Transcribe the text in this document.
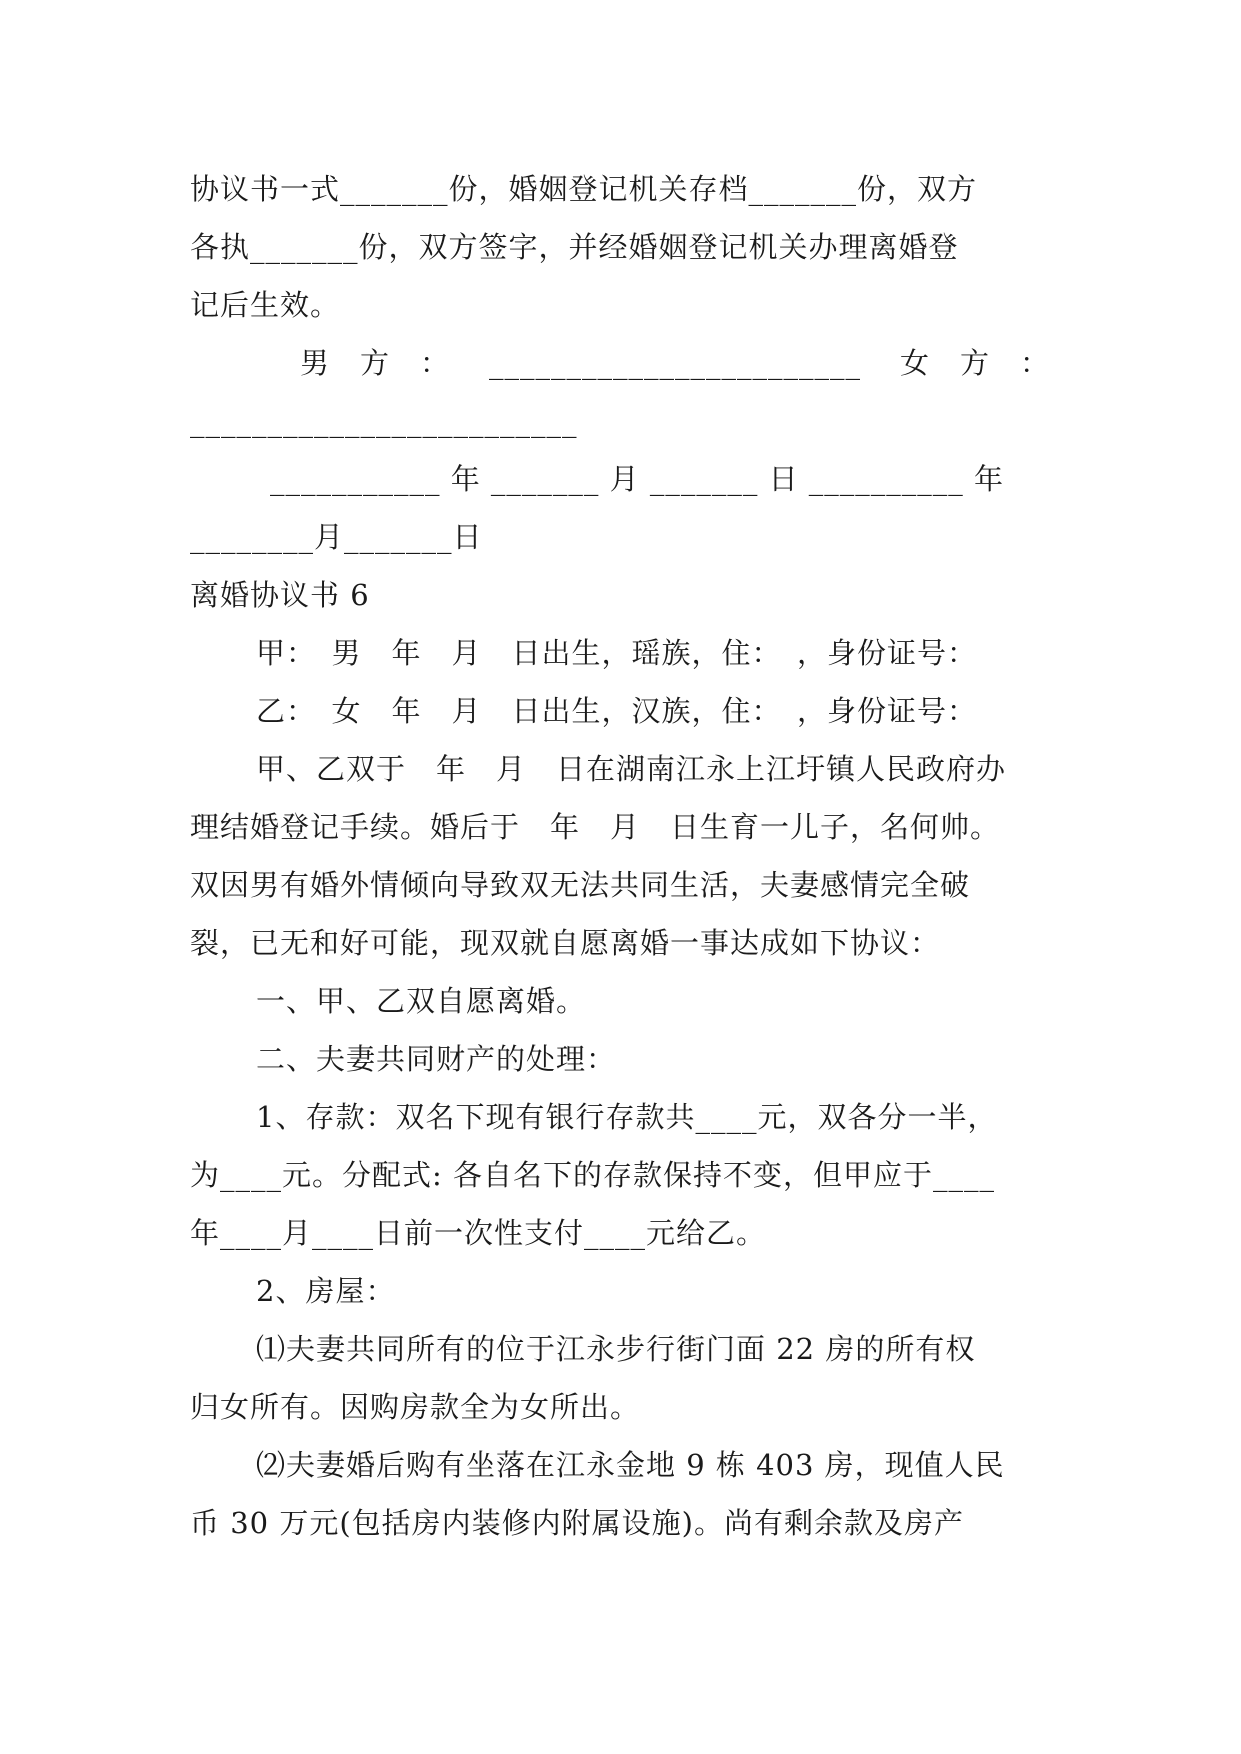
协议书一式_______份，婚姻登记机关存档_______份，双方
各执_______份，双方签字，并经婚姻登记机关办理离婚登
记后生效。
男　方　： ________________________ 女　方　：
_________________________
___________ 年 _______ 月 _______ 日 __________ 年
________月_______日
离婚协议书 6
甲：　男　年　月　日出生，瑶族，住：　，身份证号：
乙：　女　年　月　日出生，汉族，住：　，身份证号：
甲、乙双于　年　月　日在湖南江永上江圩镇人民政府办
理结婚登记手续。婚后于　年　月　日生育一儿子，名何帅。
双因男有婚外情倾向导致双无法共同生活，夫妻感情完全破
裂，已无和好可能，现双就自愿离婚一事达成如下协议：
一、甲、乙双自愿离婚。
二、夫妻共同财产的处理：
1、存款：双名下现有银行存款共____元，双各分一半，
为____元。分配式: 各自名下的存款保持不变，但甲应于____
年____月____日前一次性支付____元给乙。
2、房屋：
⑴夫妻共同所有的位于江永步行街门面 22 房的所有权
归女所有。因购房款全为女所出。
⑵夫妻婚后购有坐落在江永金地 9 栋 403 房，现值人民
币 30 万元(包括房内装修内附属设施)。尚有剩余款及房产
